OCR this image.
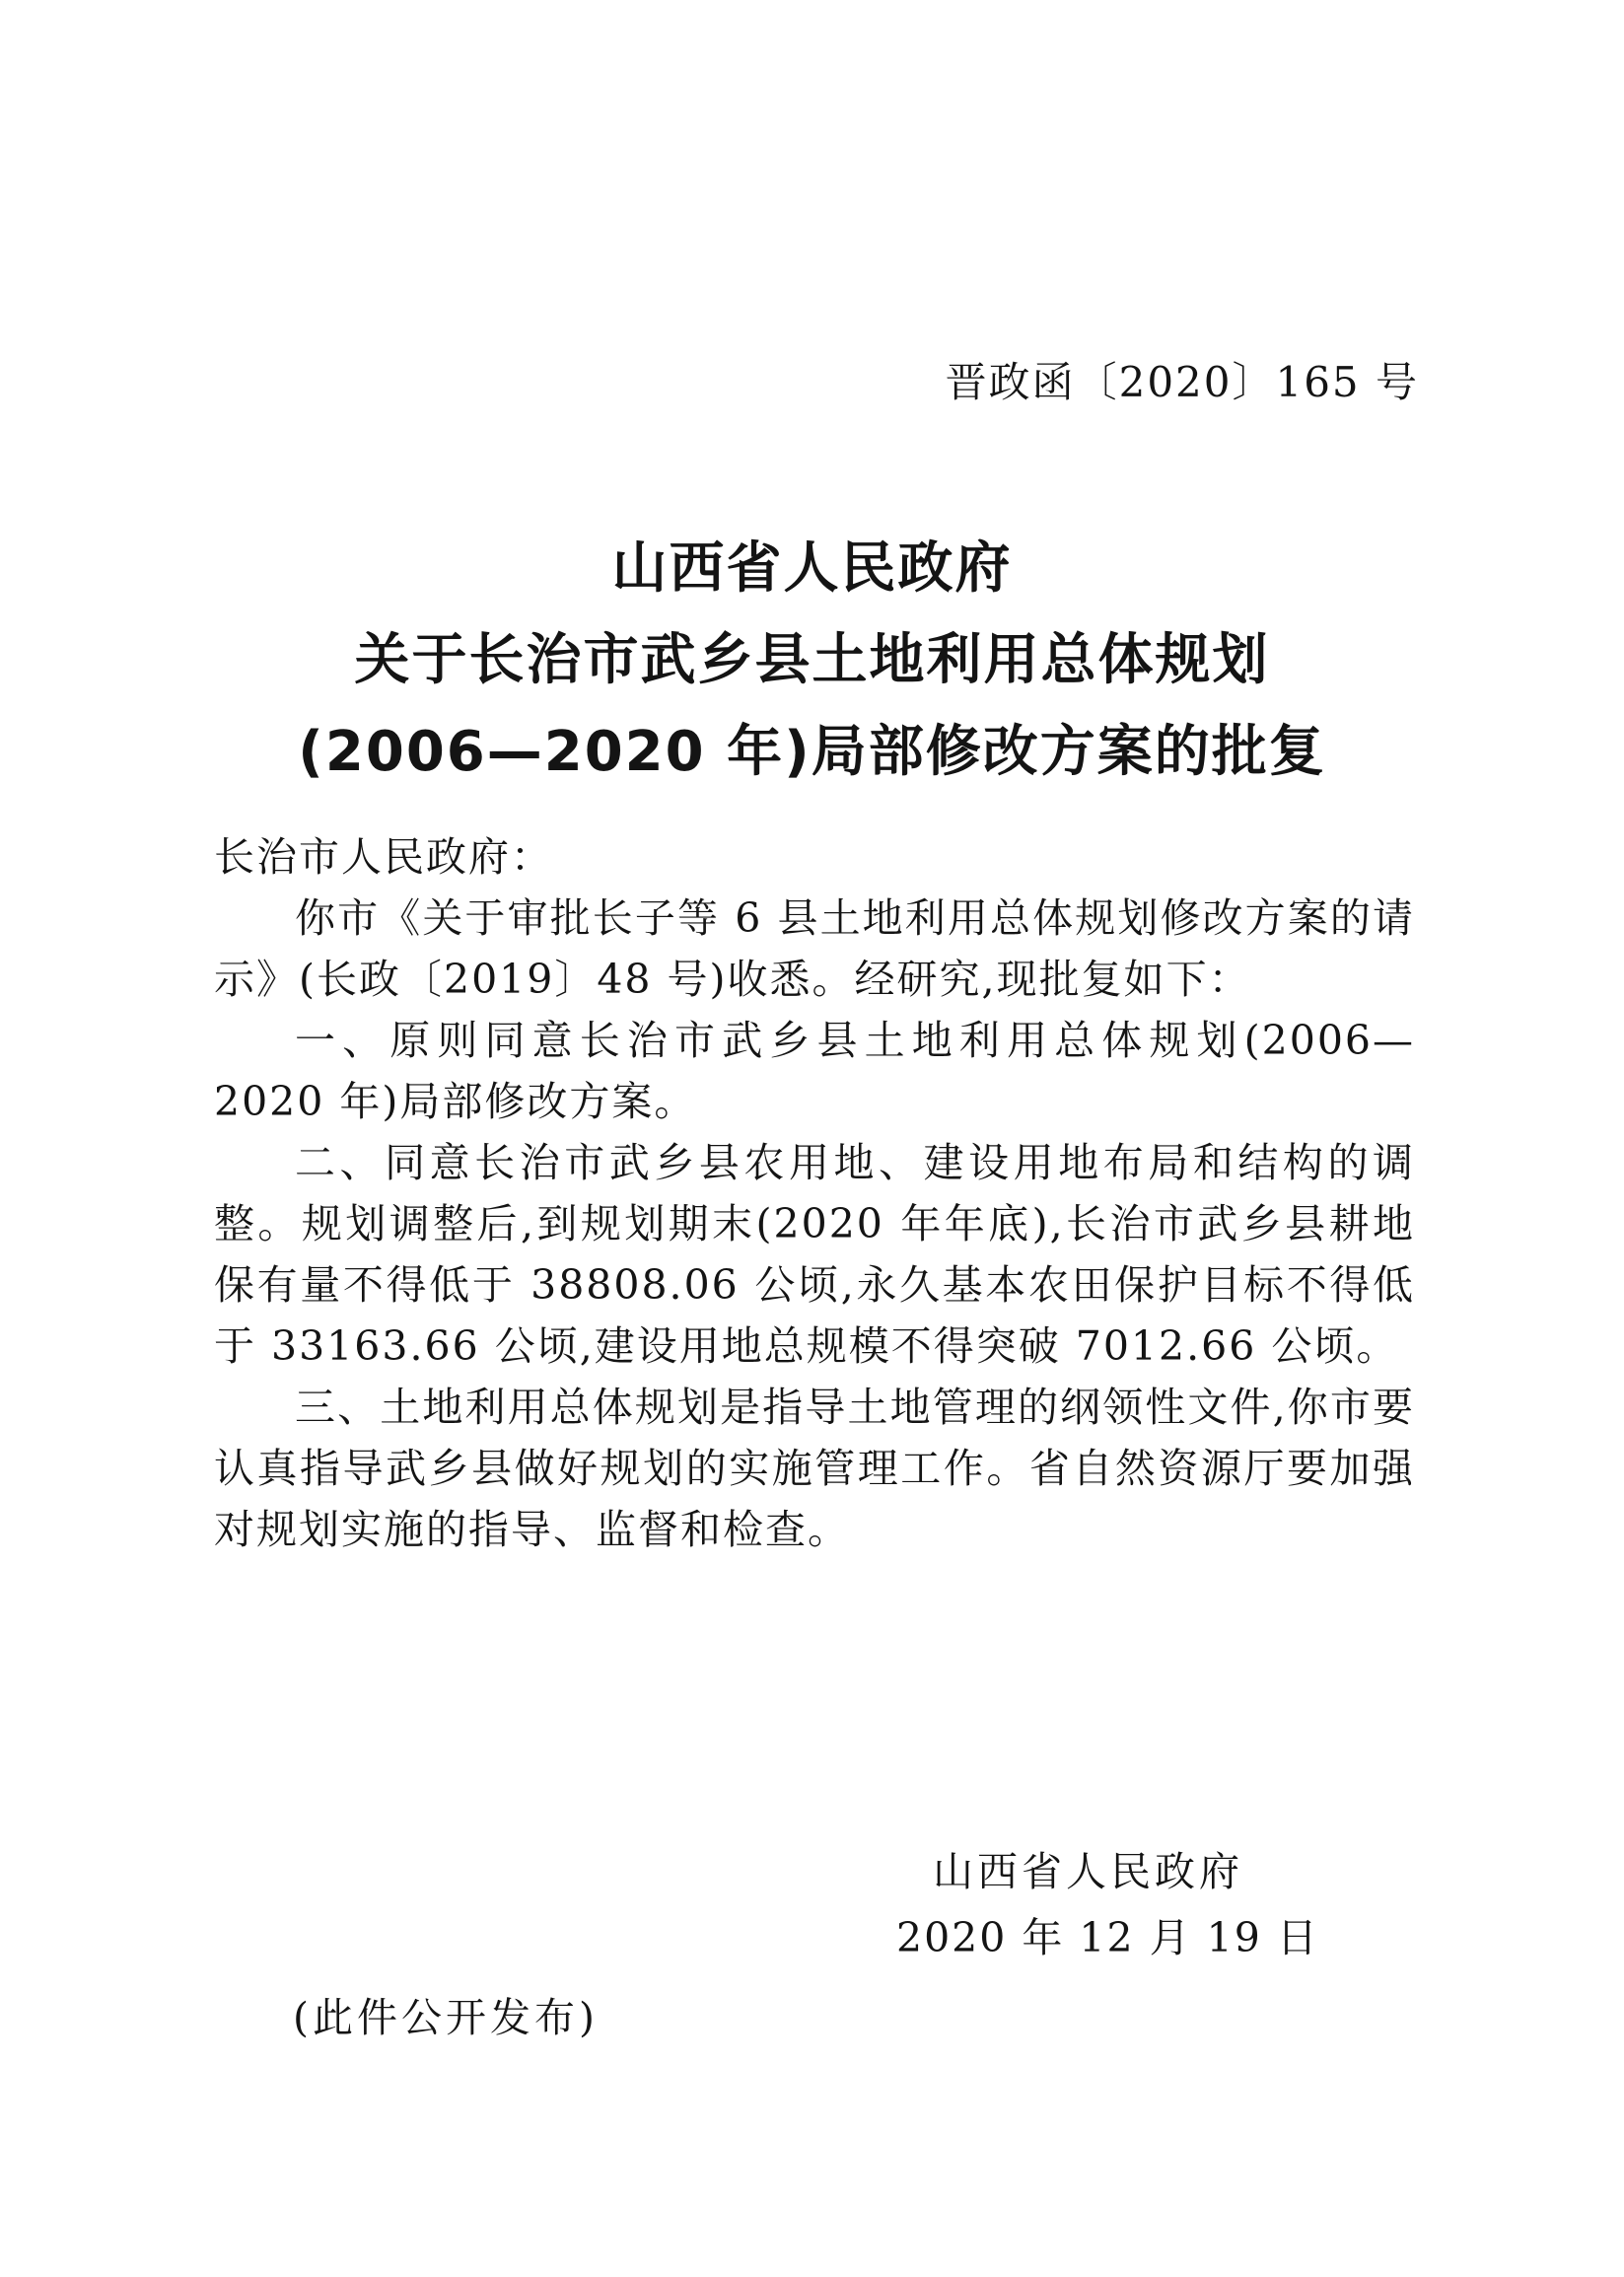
晋政函〔2020〕165 号
山西省人民政府
关于长治市武乡县土地利用总体规划
(2006—2020 年)局部修改方案的批复

长治市人民政府：

你市《关于审批长子等 6 县土地利用总体规划修改方案的请示》(长政〔2019〕48 号)收悉。经研究,现批复如下：

一、原则同意长治市武乡县土地利用总体规划(2006—2020 年)局部修改方案。

二、同意长治市武乡县农用地、建设用地布局和结构的调整。规划调整后,到规划期末(2020 年年底),长治市武乡县耕地保有量不得低于 38808.06 公顷,永久基本农田保护目标不得低于 33163.66 公顷,建设用地总规模不得突破 7012.66 公顷。

三、土地利用总体规划是指导土地管理的纲领性文件,你市要认真指导武乡县做好规划的实施管理工作。省自然资源厅要加强对规划实施的指导、监督和检查。

山西省人民政府
2020 年 12 月 19 日
(此件公开发布)
